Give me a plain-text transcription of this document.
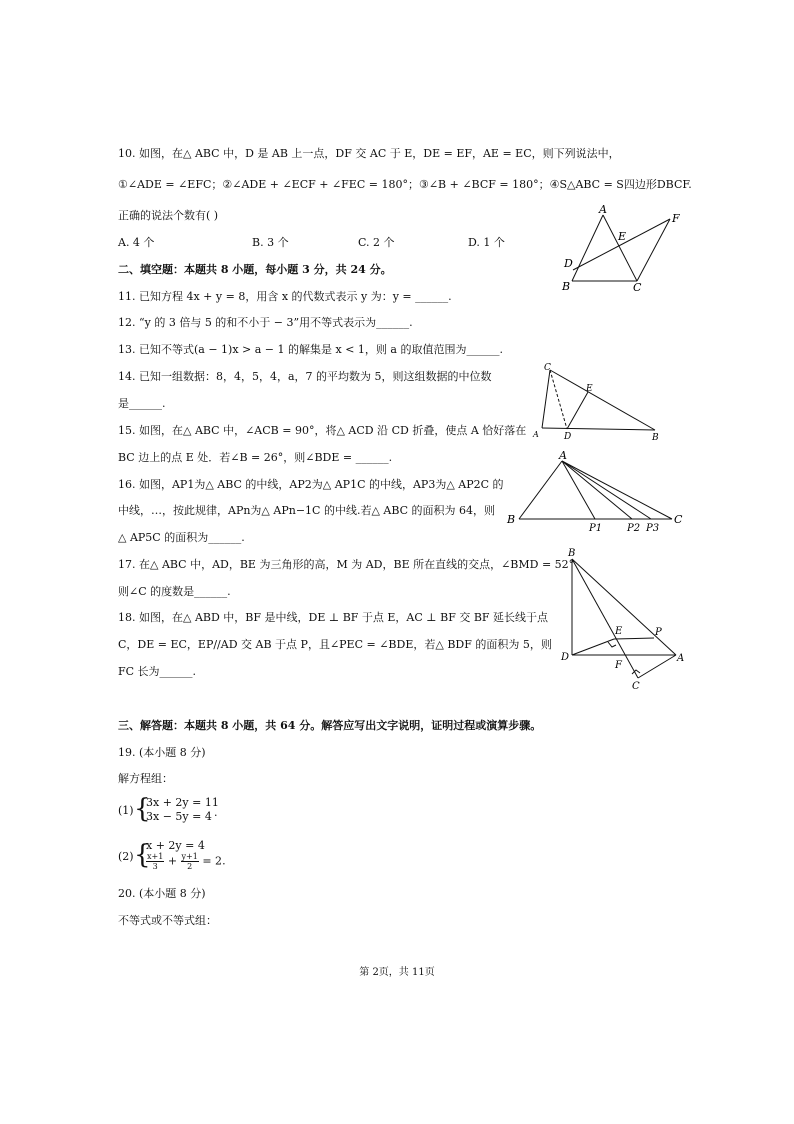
10. 如图，在△ ABC 中，D 是 AB 上一点，DF 交 AC 于 E，DE = EF，AE = EC，则下列说法中，
①∠ADE = ∠EFC；②∠ADE + ∠ECF + ∠FEC = 180°；③∠B + ∠BCF = 180°；④S△ABC = S四边形DBCF.
正确的说法个数有( )
A. 4 个	B. 3 个	C. 2 个	D. 1 个
A
F
E
D
B	C
二、填空题：本题共 8 小题，每小题 3 分，共 24 分。
11. 已知方程 4x + y = 8，用含 x 的代数式表示 y 为：y = ______.
12. “y 的 3 倍与 5 的和不小于 − 3”用不等式表示为______.
13. 已知不等式(a − 1)x > a − 1 的解集是 x < 1，则 a 的取值范围为______.
14. 已知一组数据：8，4，5，4，a，7 的平均数为 5，则这组数据的中位数
是______.
C
E
A	D	B
15. 如图，在△ ABC 中，∠ACB = 90°，将△ ACD 沿 CD 折叠，使点 A 恰好落在
BC 边上的点 E 处．若∠B = 26°，则∠BDE = ______.
16. 如图，AP1为△ ABC 的中线，AP2为△ AP1C 的中线，AP3为△ AP2C 的
中线，…，按此规律，APn为△ APn−1C 的中线.若△ ABC 的面积为 64，则
△ AP5C 的面积为______.
A
B
P1 P2 P3
C
17. 在△ ABC 中，AD，BE 为三角形的高，M 为 AD，BE 所在直线的交点，∠BMD = 52°
则∠C 的度数是______.
18. 如图，在△ ABD 中，BF 是中线，DE ⊥ BF 于点 E，AC ⊥ BF 交 BF 延长线于点
C，DE = EC，EP//AD 交 AB 于点 P，且∠PEC = ∠BDE，若△ BDF 的面积为 5，则
FC 长为______.
B
E	P
D
F
A
C
三、解答题：本题共 8 小题，共 64 分。解答应写出文字说明，证明过程或演算步骤。
19. (本小题 8 分)
解方程组：
(1) {
3x + 2y = 11
3x − 5y = 4 .
(2) {
x + 2y = 4
$\frac{x+1}{3} + \frac{y+1}{2} = 2$.
20. (本小题 8 分)
不等式或不等式组：
第 2页，共 11页
